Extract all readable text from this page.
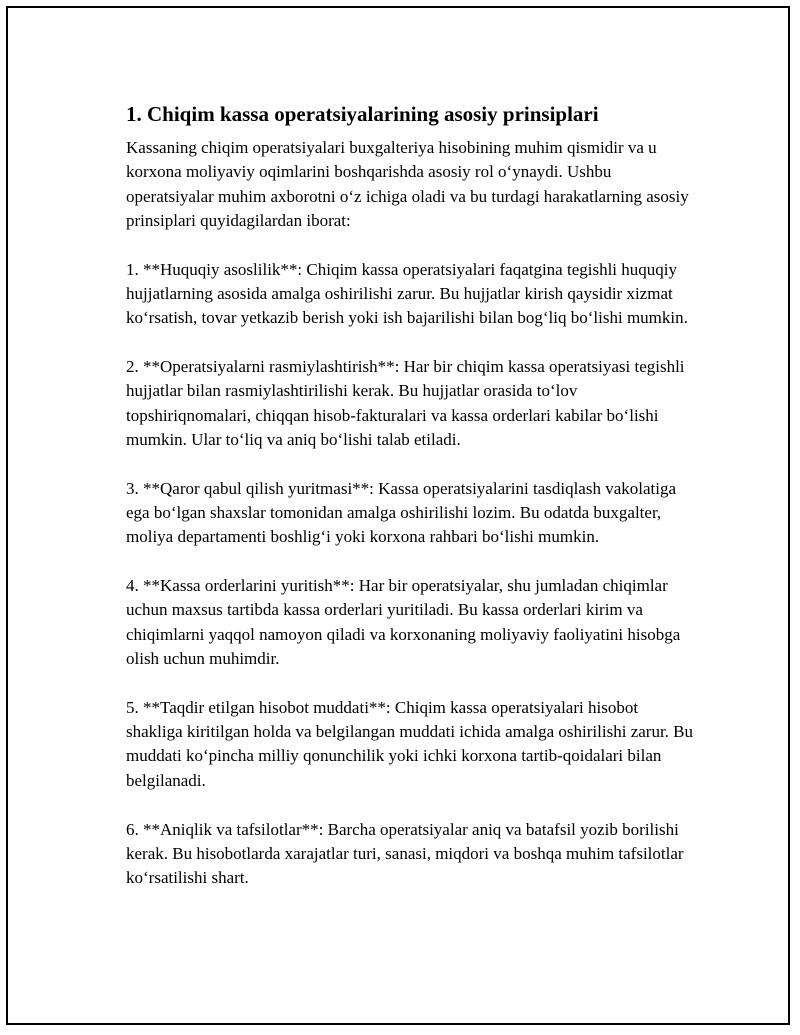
1. Chiqim kassa operatsiyalarining asosiy prinsiplari

Kassaning chiqim operatsiyalari buxgalteriya hisobining muhim qismidir va u korxona moliyaviy oqimlarini boshqarishda asosiy rol o‘ynaydi. Ushbu operatsiyalar muhim axborotni o‘z ichiga oladi va bu turdagi harakatlarning asosiy prinsiplari quyidagilardan iborat:

1. **Huquqiy asoslilik**: Chiqim kassa operatsiyalari faqatgina tegishli huquqiy hujjatlarning asosida amalga oshirilishi zarur. Bu hujjatlar kirish qaysidir xizmat ko‘rsatish, tovar yetkazib berish yoki ish bajarilishi bilan bog‘liq bo‘lishi mumkin.

2. **Operatsiyalarni rasmiylashtirish**: Har bir chiqim kassa operatsiyasi tegishli hujjatlar bilan rasmiylashtirilishi kerak. Bu hujjatlar orasida to‘lov topshiriqnomalari, chiqqan hisob-fakturalari va kassa orderlari kabilar bo‘lishi mumkin. Ular to‘liq va aniq bo‘lishi talab etiladi.

3. **Qaror qabul qilish yuritmasi**: Kassa operatsiyalarini tasdiqlash vakolatiga ega bo‘lgan shaxslar tomonidan amalga oshirilishi lozim. Bu odatda buxgalter, moliya departamenti boshlig‘i yoki korxona rahbari bo‘lishi mumkin.

4. **Kassa orderlarini yuritish**: Har bir operatsiyalar, shu jumladan chiqimlar uchun maxsus tartibda kassa orderlari yuritiladi. Bu kassa orderlari kirim va chiqimlarni yaqqol namoyon qiladi va korxonaning moliyaviy faoliyatini hisobga olish uchun muhimdir.

5. **Taqdir etilgan hisobot muddati**: Chiqim kassa operatsiyalari hisobot shakliga kiritilgan holda va belgilangan muddati ichida amalga oshirilishi zarur. Bu muddati ko‘pincha milliy qonunchilik yoki ichki korxona tartib-qoidalari bilan belgilanadi.

6. **Aniqlik va tafsilotlar**: Barcha operatsiyalar aniq va batafsil yozib borilishi kerak. Bu hisobotlarda xarajatlar turi, sanasi, miqdori va boshqa muhim tafsilotlar ko‘rsatilishi shart.
